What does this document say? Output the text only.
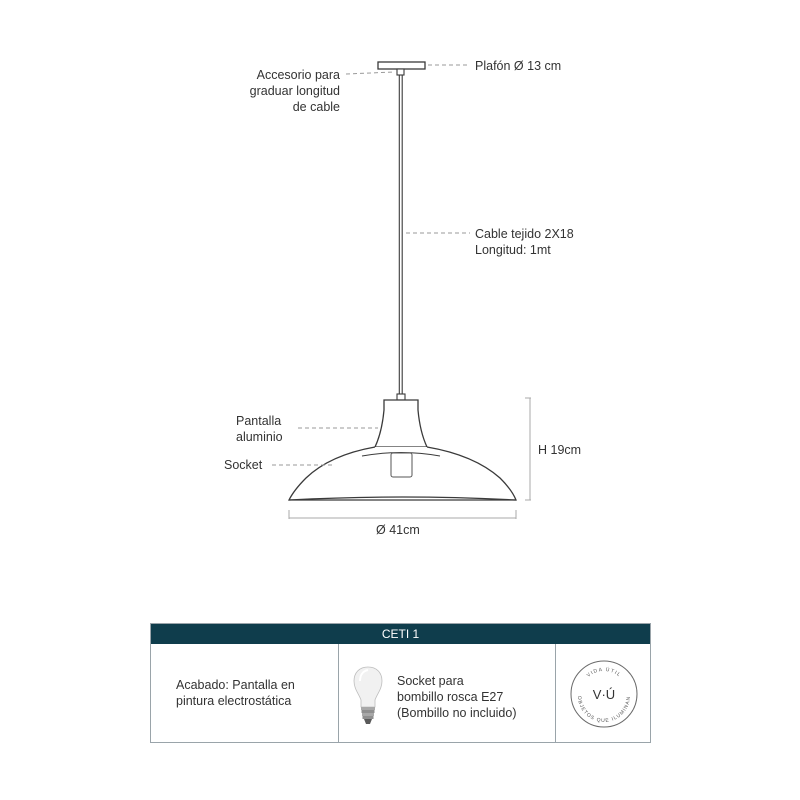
Accesorio para
graduar longitud
de cable
Plafón Ø 13 cm
Cable tejido 2X18
Longitud: 1mt
Pantalla
aluminio
Socket
H 19cm
Ø 41cm
CETI 1

Acabado: Pantalla en
pintura electrostática

Socket para
bombillo rosca E27
(Bombillo no incluido)

VIDA ÚTIL
OBJETOS QUE ILUMINAN
V·Ú
